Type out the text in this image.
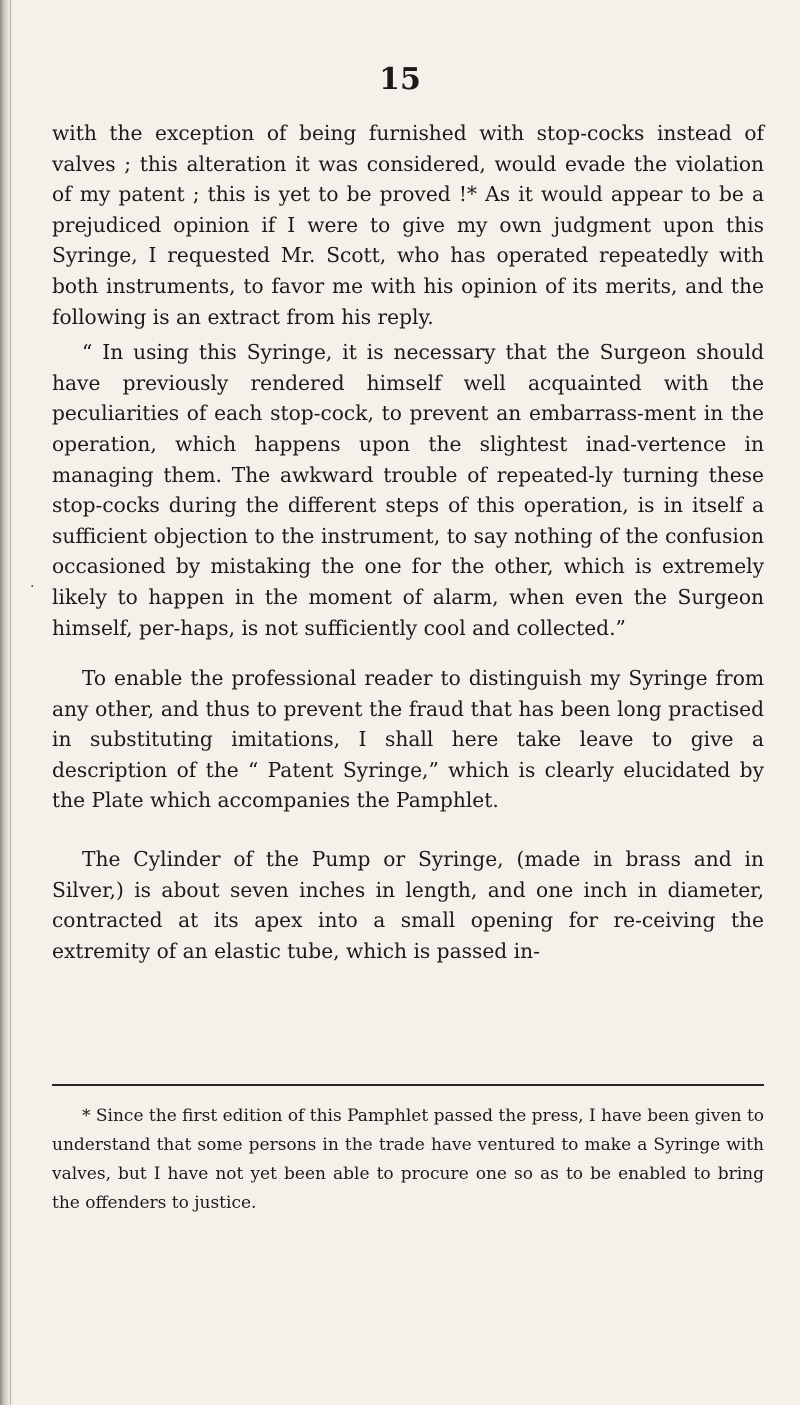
15

with the exception of being furnished with stop-cocks instead of valves ; this alteration it was considered, would evade the violation of my patent ; this is yet to be proved !* As it would appear to be a prejudiced opinion if I were to give my own judgment upon this Syringe, I requested Mr. Scott, who has operated repeatedly with both instruments, to favor me with his opinion of its merits, and the following is an extract from his reply.

“ In using this Syringe, it is necessary that the Surgeon should have previously rendered himself well acquainted with the peculiarities of each stop-cock, to prevent an embarrass-ment in the operation, which happens upon the slightest inad-vertence in managing them. The awkward trouble of repeated-ly turning these stop-cocks during the different steps of this operation, is in itself a sufficient objection to the instrument, to say nothing of the confusion occasioned by mistaking the one for the other, which is extremely likely to happen in the moment of alarm, when even the Surgeon himself, per-haps, is not sufficiently cool and collected.”

To enable the professional reader to distinguish my Syringe from any other, and thus to prevent the fraud that has been long practised in substituting imitations, I shall here take leave to give a description of the “ Patent Syringe,” which is clearly elucidated by the Plate which accompanies the Pamphlet.

The Cylinder of the Pump or Syringe, (made in brass and in Silver,) is about seven inches in length, and one inch in diameter, contracted at its apex into a small opening for re-ceiving the extremity of an elastic tube, which is passed in-

·

* Since the first edition of this Pamphlet passed the press, I have been given to understand that some persons in the trade have ventured to make a Syringe with valves, but I have not yet been able to procure one so as to be enabled to bring the offenders to justice.
